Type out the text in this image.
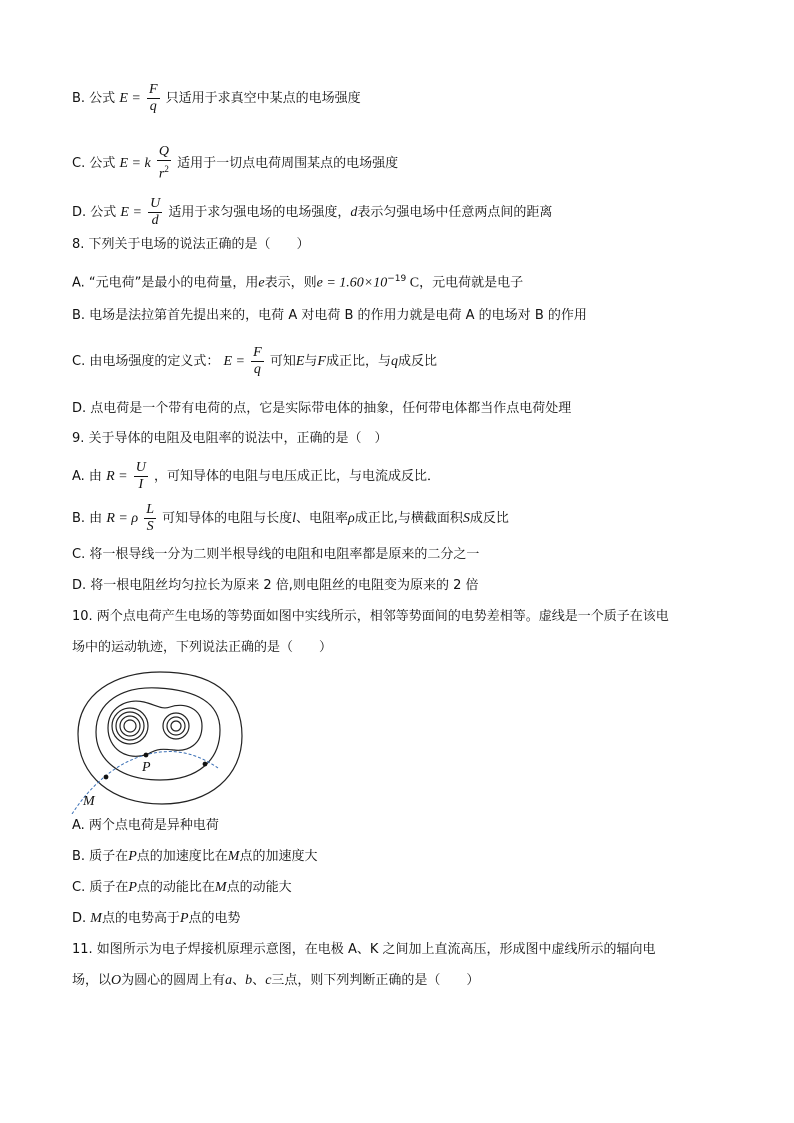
B. 公式 $E = \frac{F}{q}$ 只适用于求真空中某点的电场强度
C. 公式 E = k $\frac{Q}{r^2}$ 适用于一切点电荷周围某点的电场强度
D. 公式 $E = \frac{U}{d}$ 适用于求匀强电场的电场强度，d表示匀强电场中任意两点间的距离
8. 下列关于电场的说法正确的是（　　）
A. “元电荷”是最小的电荷量，用e表示，则$e = 1.60\times 10^{-19}$ C，元电荷就是电子
B. 电场是法拉第首先提出来的，电荷 A 对电荷 B 的作用力就是电荷 A 的电场对 B 的作用
C. 由电场强度的定义式： $E = \frac{F}{q}$ 可知E与F成正比，与q成反比
D. 点电荷是一个带有电荷的点，它是实际带电体的抽象，任何带电体都当作点电荷处理
9. 关于导体的电阻及电阻率的说法中，正确的是（　）
A. 由 $R = \frac{U}{I}$ ，可知导体的电阻与电压成正比，与电流成反比．
B. 由 R = ρ $\frac{L}{S}$ 可知导体的电阻与长度l、电阻率ρ成正比,与横截面积S成反比
C. 将一根导线一分为二则半根导线的电阻和电阻率都是原来的二分之一
D. 将一根电阻丝均匀拉长为原来 2 倍,则电阻丝的电阻变为原来的 2 倍
10. 两个点电荷产生电场的等势面如图中实线所示，相邻等势面间的电势差相等。虚线是一个质子在该电
场中的运动轨迹，下列说法正确的是（　　）
P
M
A. 两个点电荷是异种电荷
B. 质子在P点的加速度比在M点的加速度大
C. 质子在P点的动能比在M点的动能大
D. M点的电势高于P点的电势
11. 如图所示为电子焊接机原理示意图，在电极 A、K 之间加上直流高压，形成图中虚线所示的辐向电
场，以O为圆心的圆周上有a、b、c三点，则下列判断正确的是（　　）
